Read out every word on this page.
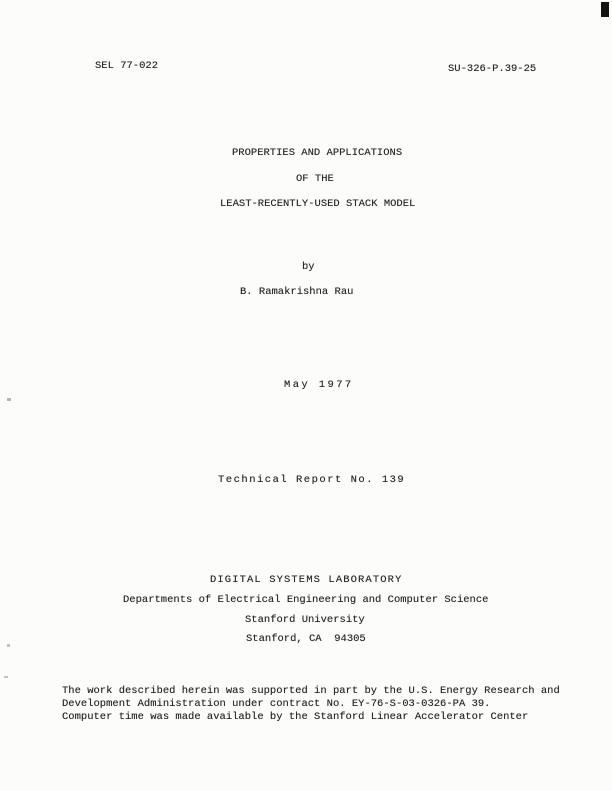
SEL 77-022	SU-326-P.39-25
PROPERTIES AND APPLICATIONS
OF THE
LEAST-RECENTLY-USED STACK MODEL
by
B. Ramakrishna Rau
May 1977
Technical Report No. 139
DIGITAL SYSTEMS LABORATORY
Departments of Electrical Engineering and Computer Science
Stanford University
Stanford, CA  94305
The work described herein was supported in part by the U.S. Energy Research and
Development Administration under contract No. EY-76-S-03-0326-PA 39.
Computer time was made available by the Stanford Linear Accelerator Center
